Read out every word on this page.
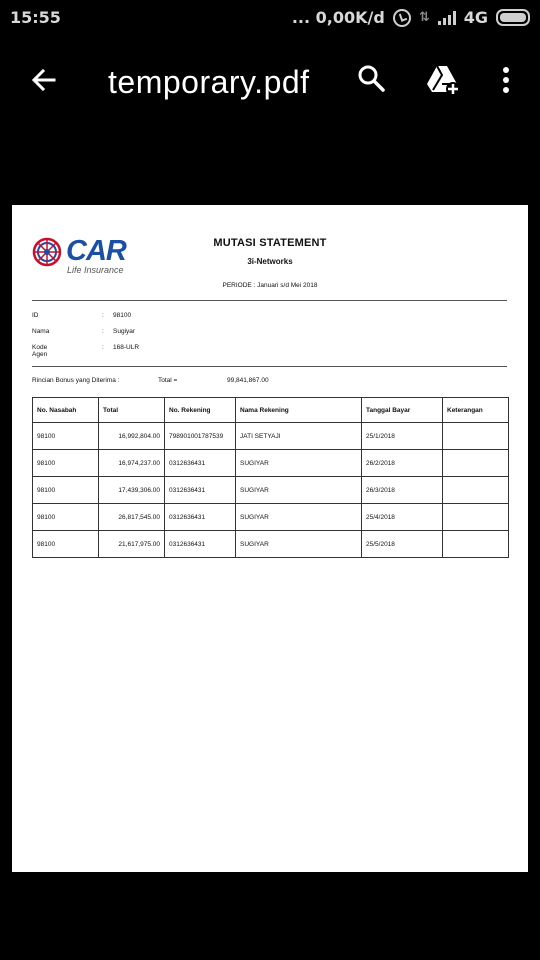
15:55	... 0,00K/d	⇅ 4G
temporary.pdf
CAR
Life Insurance
MUTASI STATEMENT
3i-Networks
PERIODE : Januari s/d Mei 2018
ID	: 98100
Nama	: Sugiyar
Kode Agen
: 168-ULR
Rincian Bonus yang Diterima :	Total =	99,841,867.00
No. Nasabah	Total	No. Rekening	Nama Rekening	Tanggal Bayar	Keterangan
98100	16,992,804.00	798901001787539	JATI SETYAJI	25/1/2018	
98100	16,974,237.00	0312636431	SUGIYAR	26/2/2018	
98100	17,439,306.00	0312636431	SUGIYAR	26/3/2018	
98100	26,817,545.00	0312636431	SUGIYAR	25/4/2018	
98100	21,617,975.00	0312636431	SUGIYAR	25/5/2018	
